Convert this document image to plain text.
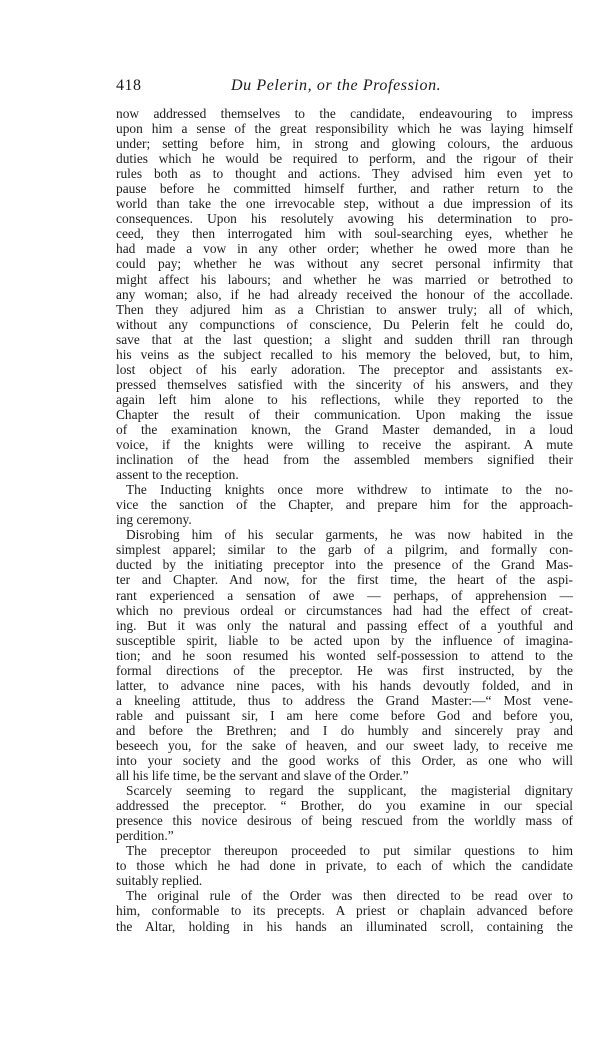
418	Du Pelerin, or the Profession.
now addressed themselves to the candidate, endeavouring to impress
upon him a sense of the great responsibility which he was laying himself
under; setting before him, in strong and glowing colours, the arduous
duties which he would be required to perform, and the rigour of their
rules both as to thought and actions. They advised him even yet to
pause before he committed himself further, and rather return to the
world than take the one irrevocable step, without a due impression of its
consequences. Upon his resolutely avowing his determination to pro-
ceed, they then interrogated him with soul-searching eyes, whether he
had made a vow in any other order; whether he owed more than he
could pay; whether he was without any secret personal infirmity that
might affect his labours; and whether he was married or betrothed to
any woman; also, if he had already received the honour of the accollade.
Then they adjured him as a Christian to answer truly; all of which,
without any compunctions of conscience, Du Pelerin felt he could do,
save that at the last question; a slight and sudden thrill ran through
his veins as the subject recalled to his memory the beloved, but, to him,
lost object of his early adoration. The preceptor and assistants ex-
pressed themselves satisfied with the sincerity of his answers, and they
again left him alone to his reflections, while they reported to the
Chapter the result of their communication. Upon making the issue
of the examination known, the Grand Master demanded, in a loud
voice, if the knights were willing to receive the aspirant. A mute
inclination of the head from the assembled members signified their
assent to the reception.
The Inducting knights once more withdrew to intimate to the no-
vice the sanction of the Chapter, and prepare him for the approach-
ing ceremony.
Disrobing him of his secular garments, he was now habited in the
simplest apparel; similar to the garb of a pilgrim, and formally con-
ducted by the initiating preceptor into the presence of the Grand Mas-
ter and Chapter. And now, for the first time, the heart of the aspi-
rant experienced a sensation of awe — perhaps, of apprehension —
which no previous ordeal or circumstances had had the effect of creat-
ing. But it was only the natural and passing effect of a youthful and
susceptible spirit, liable to be acted upon by the influence of imagina-
tion; and he soon resumed his wonted self-possession to attend to the
formal directions of the preceptor. He was first instructed, by the
latter, to advance nine paces, with his hands devoutly folded, and in
a kneeling attitude, thus to address the Grand Master:—“ Most vene-
rable and puissant sir, I am here come before God and before you,
and before the Brethren; and I do humbly and sincerely pray and
beseech you, for the sake of heaven, and our sweet lady, to receive me
into your society and the good works of this Order, as one who will
all his life time, be the servant and slave of the Order.”
Scarcely seeming to regard the supplicant, the magisterial dignitary
addressed the preceptor. “ Brother, do you examine in our special
presence this novice desirous of being rescued from the worldly mass of
perdition.”
The preceptor thereupon proceeded to put similar questions to him
to those which he had done in private, to each of which the candidate
suitably replied.
The original rule of the Order was then directed to be read over to
him, conformable to its precepts. A priest or chaplain advanced before
the Altar, holding in his hands an illuminated scroll, containing the
